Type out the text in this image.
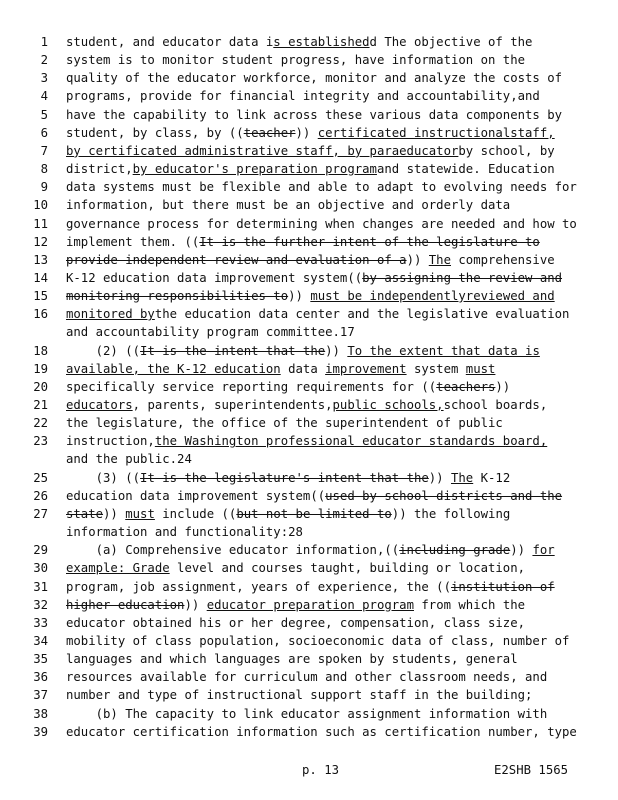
1 student, and educator data is establishedd The objective of the
2 system is to monitor student progress, have information on the
3 quality of the educator workforce, monitor and analyze the costs of
4 programs, provide for financial integrity and accountability,and
5 have the capability to link across these various data components by
6 student, by class, by ((teacher)) certificated instructionalstaff,
7 by certificated administrative staff, by paraeducatorby school, by
8 district,by educator's preparation programand statewide. Education
9 data systems must be flexible and able to adapt to evolving needs for
10 information, but there must be an objective and orderly data
11 governance process for determining when changes are needed and how to
12 implement them. ((It is the further intent of the legislature to
13 provide independent review and evaluation of a)) The comprehensive
14 K-12 education data improvement system((by assigning the review and
15 monitoring responsibilities to)) must be independentlyreviewed and
16 monitored bythe education data center and the legislative evaluation
and accountability program committee.17
18 (2) ((It is the intent that the)) To the extent that data is
19 available, the K-12 education data improvement system must
20 specifically service reporting requirements for ((teachers))
21 educators, parents, superintendents,public schools,school boards,
22 the legislature, the office of the superintendent of public
23 instruction,the Washington professional educator standards board,
and the public.24
25 (3) ((It is the legislature's intent that the)) The K-12
26 education data improvement system((used by school districts and the
27 state)) must include ((but not be limited to)) the following
information and functionality:28
29 (a) Comprehensive educator information,((including grade)) for
30 example: Grade level and courses taught, building or location,
31 program, job assignment, years of experience, the ((institution of
32 higher education)) educator preparation program from which the
33 educator obtained his or her degree, compensation, class size,
34 mobility of class population, socioeconomic data of class, number of
35 languages and which languages are spoken by students, general
36 resources available for curriculum and other classroom needs, and
37 number and type of instructional support staff in the building;
38 (b) The capacity to link educator assignment information with
39 educator certification information such as certification number, type
p. 13	E2SHB 1565
